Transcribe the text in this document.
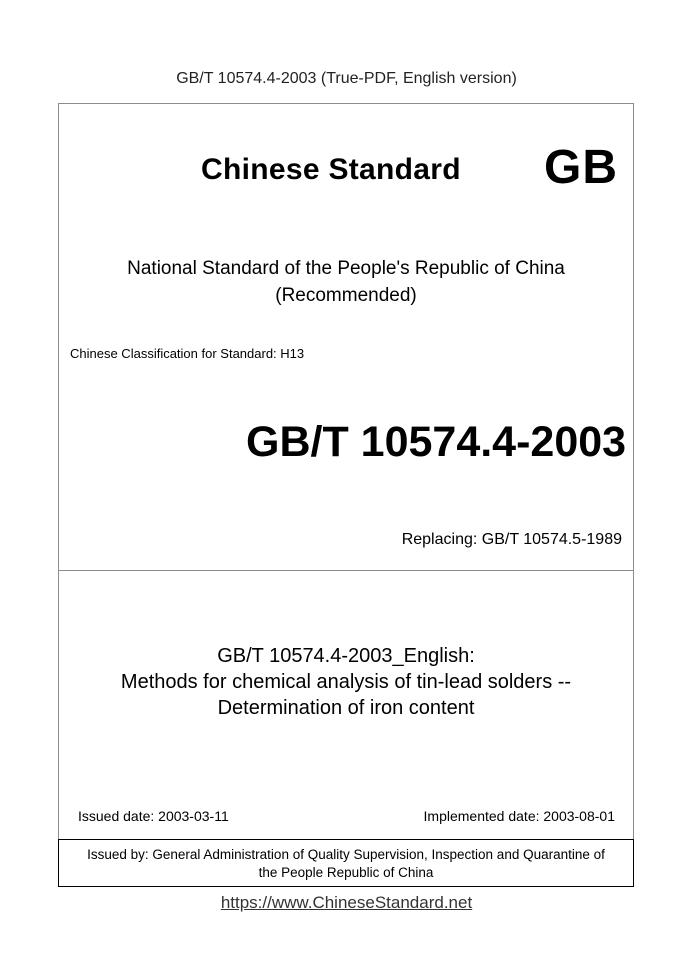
GB/T 10574.4-2003 (True-PDF, English version)
Chinese Standard GB
National Standard of the People's Republic of China
(Recommended)
Chinese Classification for Standard: H13
GB/T 10574.4-2003
Replacing: GB/T 10574.5-1989
GB/T 10574.4-2003_English:
Methods for chemical analysis of tin-lead solders --
Determination of iron content
Issued date: 2003-03-11	Implemented date: 2003-08-01
Issued by: General Administration of Quality Supervision, Inspection and Quarantine of
the People Republic of China
https://www.ChineseStandard.net
